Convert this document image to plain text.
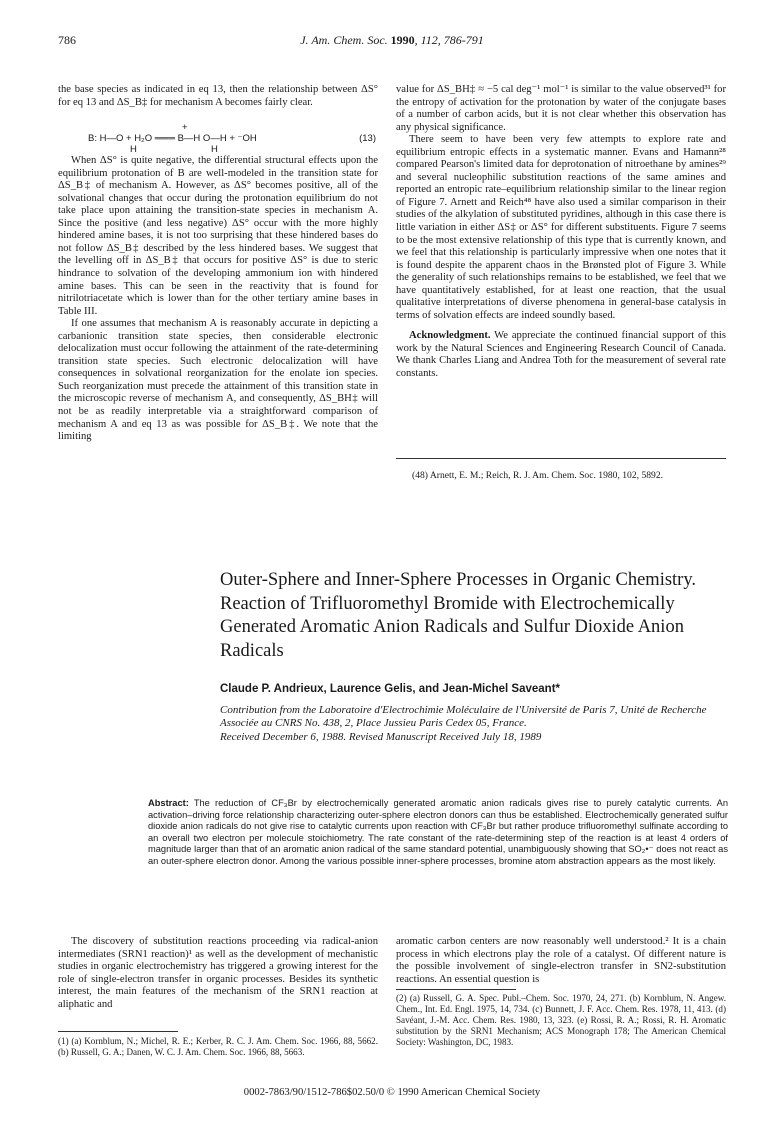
786	J. Am. Chem. Soc. 1990, 112, 786-791

the base species as indicated in eq 13, then the relationship between ΔS° for eq 13 and ΔS_B‡ for mechanism A becomes fairly clear.

+
B: H—O + H₂O ═══ B—H O—H + ⁻OH
H	H
(13)

When ΔS° is quite negative, the differential structural effects upon the equilibrium protonation of B are well-modeled in the transition state for ΔS_B‡ of mechanism A. However, as ΔS° becomes positive, all of the solvational changes that occur during the protonation equilibrium do not take place upon attaining the transition-state species in mechanism A. Since the positive (and less negative) ΔS° occur with the more highly hindered amine bases, it is not too surprising that these hindered bases do not follow ΔS_B‡ described by the less hindered bases. We suggest that the levelling off in ΔS_B‡ that occurs for positive ΔS° is due to steric hindrance to solvation of the developing ammonium ion with hindered amine bases. This can be seen in the reactivity that is found for nitrilotriacetate which is lower than for the other tertiary amine bases in Table III.

If one assumes that mechanism A is reasonably accurate in depicting a carbanionic transition state species, then considerable electronic delocalization must occur following the attainment of the rate-determining transition state species. Such electronic delocalization will have consequences in solvational reorganization for the enolate ion species. Such reorganization must precede the attainment of this transition state in the microscopic reverse of mechanism A, and consequently, ΔS_BH‡ will not be as readily interpretable via a straightforward comparison of mechanism A and eq 13 as was possible for ΔS_B‡. We note that the limiting

value for ΔS_BH‡ ≈ −5 cal deg⁻¹ mol⁻¹ is similar to the value observed³¹ for the entropy of activation for the protonation by water of the conjugate bases of a number of carbon acids, but it is not clear whether this observation has any physical significance.

There seem to have been very few attempts to explore rate and equilibrium entropic effects in a systematic manner. Evans and Hamann²⁸ compared Pearson's limited data for deprotonation of nitroethane by amines²⁹ and several nucleophilic substitution reactions of the same amines and reported an entropic rate–equilibrium relationship similar to the linear region of Figure 7. Arnett and Reich⁴⁸ have also used a similar comparison in their studies of the alkylation of substituted pyridines, although in this case there is little variation in either ΔS‡ or ΔS° for different substituents. Figure 7 seems to be the most extensive relationship of this type that is currently known, and we feel that this relationship is particularly impressive when one notes that it is found despite the apparent chaos in the Brønsted plot of Figure 3. While the generality of such relationships remains to be established, we feel that we have quantitatively established, for at least one reaction, that the usual qualitative interpretations of diverse phenomena in general-base catalysis in terms of solvation effects are indeed soundly based.

Acknowledgment. We appreciate the continued financial support of this work by the Natural Sciences and Engineering Research Council of Canada. We thank Charles Liang and Andrea Toth for the measurement of several rate constants.

(48) Arnett, E. M.; Reich, R. J. Am. Chem. Soc. 1980, 102, 5892.
Outer-Sphere and Inner-Sphere Processes in Organic Chemistry. Reaction of Trifluoromethyl Bromide with Electrochemically Generated Aromatic Anion Radicals and Sulfur Dioxide Anion Radicals
Claude P. Andrieux, Laurence Gelis, and Jean-Michel Saveant*
Contribution from the Laboratoire d'Electrochimie Moléculaire de l'Université de Paris 7, Unité de Recherche Associée au CNRS No. 438, 2, Place Jussieu Paris Cedex 05, France.
Received December 6, 1988. Revised Manuscript Received July 18, 1989
Abstract: The reduction of CF₃Br by electrochemically generated aromatic anion radicals gives rise to purely catalytic currents. An activation–driving force relationship characterizing outer-sphere electron donors can thus be established. Electrochemically generated sulfur dioxide anion radicals do not give rise to catalytic currents upon reaction with CF₃Br but rather produce trifluoromethyl sulfinate according to an overall two electron per molecule stoichiometry. The rate constant of the rate-determining step of the reaction is at least 4 orders of magnitude larger than that of an aromatic anion radical of the same standard potential, unambiguously showing that SO₂•⁻ does not react as an outer-sphere electron donor. Among the various possible inner-sphere processes, bromine atom abstraction appears as the most likely.

The discovery of substitution reactions proceeding via radical-anion intermediates (SRN1 reaction)¹ as well as the development of mechanistic studies in organic electrochemistry has triggered a growing interest for the role of single-electron transfer in organic processes. Besides its synthetic interest, the main features of the mechanism of the SRN1 reaction at aliphatic and

aromatic carbon centers are now reasonably well understood.² It is a chain process in which electrons play the role of a catalyst. Of different nature is the possible involvement of single-electron transfer in SN2-substitution reactions. An essential question is

(1) (a) Kornblum, N.; Michel, R. E.; Kerber, R. C. J. Am. Chem. Soc. 1966, 88, 5662. (b) Russell, G. A.; Danen, W. C. J. Am. Chem. Soc. 1966, 88, 5663.
(2) (a) Russell, G. A. Spec. Publ.–Chem. Soc. 1970, 24, 271. (b) Kornblum, N. Angew. Chem., Int. Ed. Engl. 1975, 14, 734. (c) Bunnett, J. F. Acc. Chem. Res. 1978, 11, 413. (d) Savéant, J.-M. Acc. Chem. Res. 1980, 13, 323. (e) Rossi, R. A.; Rossi, R. H. Aromatic substitution by the SRN1 Mechanism; ACS Monograph 178; The American Chemical Society: Washington, DC, 1983.
0002-7863/90/1512-786$02.50/0 © 1990 American Chemical Society
